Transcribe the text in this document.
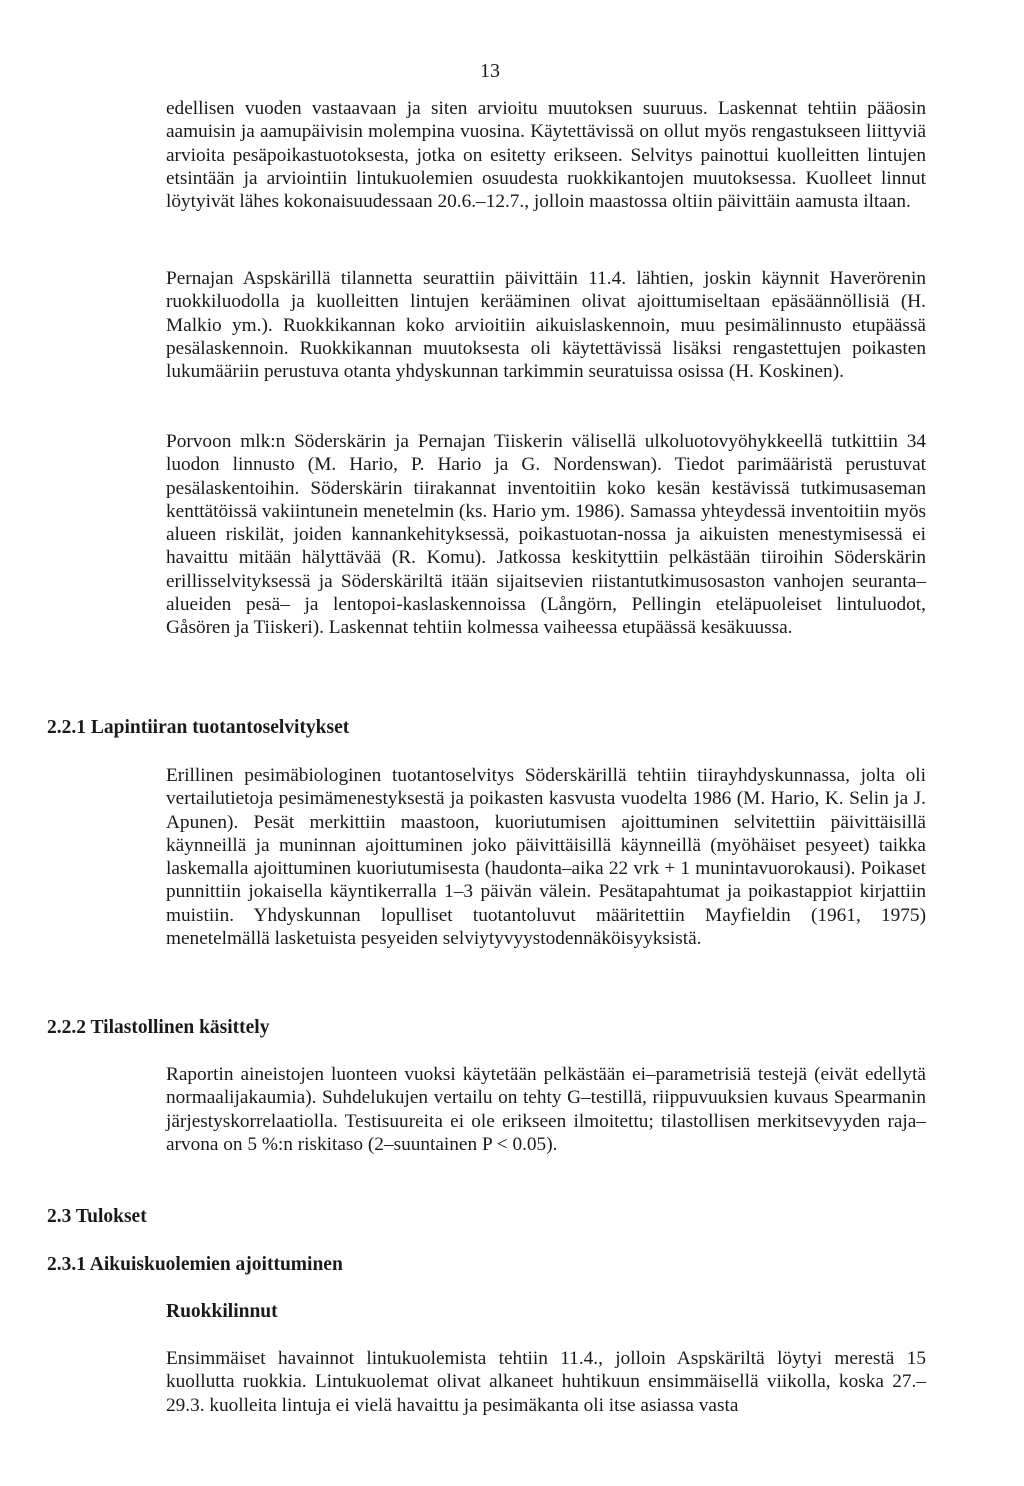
13

edellisen vuoden vastaavaan ja siten arvioitu muutoksen suuruus. Laskennat tehtiin pääosin aamuisin ja aamupäivisin molempina vuosina. Käytettävissä on ollut myös rengastukseen liittyviä arvioita pesäpoikastuotoksesta, jotka on esitetty erikseen. Selvitys painottui kuolleitten lintujen etsintään ja arviointiin lintukuolemien osuudesta ruokkikantojen muutoksessa. Kuolleet linnut löytyivät lähes kokonaisuudessaan 20.6.–12.7., jolloin maastossa oltiin päivittäin aamusta iltaan.

Pernajan Aspskärillä tilannetta seurattiin päivittäin 11.4. lähtien, joskin käynnit Haverörenin ruokkiluodolla ja kuolleitten lintujen kerääminen olivat ajoittumiseltaan epäsäännöllisiä (H. Malkio ym.). Ruokkikannan koko arvioitiin aikuislaskennoin, muu pesimälinnusto etupäässä pesälaskennoin. Ruokkikannan muutoksesta oli käytettävissä lisäksi rengastettujen poikasten lukumääriin perustuva otanta yhdyskunnan tarkimmin seuratuissa osissa (H. Koskinen).

Porvoon mlk:n Söderskärin ja Pernajan Tiiskerin välisellä ulkoluotovyöhykkeellä tutkittiin 34 luodon linnusto (M. Hario, P. Hario ja G. Nordenswan). Tiedot parimääristä perustuvat pesälaskentoihin. Söderskärin tiirakannat inventoitiin koko kesän kestävissä tutkimusaseman kenttätöissä vakiintunein menetelmin (ks. Hario ym. 1986). Samassa yhteydessä inventoitiin myös alueen riskilät, joiden kannankehityksessä, poikastuotan-nossa ja aikuisten menestymisessä ei havaittu mitään hälyttävää (R. Komu). Jatkossa keskityttiin pelkästään tiiroihin Söderskärin erillisselvityksessä ja Söderskäriltä itään sijaitsevien riistantutkimusosaston vanhojen seuranta–alueiden pesä– ja lentopoi-kaslaskennoissa (Långörn, Pellingin eteläpuoleiset lintuluodot, Gåsören ja Tiiskeri). Laskennat tehtiin kolmessa vaiheessa etupäässä kesäkuussa.

2.2.1 Lapintiiran tuotantoselvitykset

Erillinen pesimäbiologinen tuotantoselvitys Söderskärillä tehtiin tiirayhdyskunnassa, jolta oli vertailutietoja pesimämenestyksestä ja poikasten kasvusta vuodelta 1986 (M. Hario, K. Selin ja J. Apunen). Pesät merkittiin maastoon, kuoriutumisen ajoittuminen selvitettiin päivittäisillä käynneillä ja muninnan ajoittuminen joko päivittäisillä käynneillä (myöhäiset pesyeet) taikka laskemalla ajoittuminen kuoriutumisesta (haudonta–aika 22 vrk + 1 munintavuorokausi). Poikaset punnittiin jokaisella käyntikerralla 1–3 päivän välein. Pesätapahtumat ja poikastappiot kirjattiin muistiin. Yhdyskunnan lopulliset tuotantoluvut määritettiin Mayfieldin (1961, 1975) menetelmällä lasketuista pesyeiden selviytyvyystodennäköisyyksistä.

2.2.2 Tilastollinen käsittely

Raportin aineistojen luonteen vuoksi käytetään pelkästään ei–parametrisiä testejä (eivät edellytä normaalijakaumia). Suhdelukujen vertailu on tehty G–testillä, riippuvuuksien kuvaus Spearmanin järjestyskorrelaatiolla. Testisuureita ei ole erikseen ilmoitettu; tilastollisen merkitsevyyden raja–arvona on 5 %:n riskitaso (2–suuntainen P < 0.05).

2.3 Tulokset
2.3.1 Aikuiskuolemien ajoittuminen
Ruokkilinnut

Ensimmäiset havainnot lintukuolemista tehtiin 11.4., jolloin Aspskäriltä löytyi merestä 15 kuollutta ruokkia. Lintukuolemat olivat alkaneet huhtikuun ensimmäisellä viikolla, koska 27.–29.3. kuolleita lintuja ei vielä havaittu ja pesimäkanta oli itse asiassa vasta
